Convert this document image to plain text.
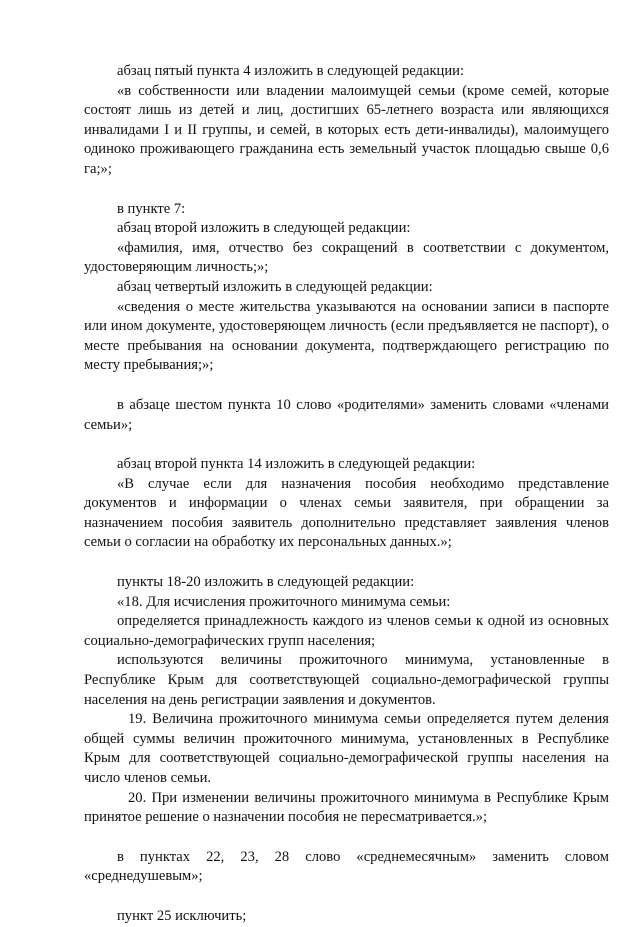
абзац пятый пункта 4 изложить в следующей редакции:

«в собственности или владении малоимущей семьи (кроме семей, которые состоят лишь из детей и лиц, достигших 65-летнего возраста или являющихся инвалидами I и II группы, и семей, в которых есть дети-инвалиды), малоимущего одиноко проживающего гражданина есть земельный участок площадью свыше 0,6 га;»;

в пункте 7:

абзац второй изложить в следующей редакции:

«фамилия, имя, отчество без сокращений в соответствии с документом, удостоверяющим личность;»;

абзац четвертый изложить в следующей редакции:

«сведения о месте жительства указываются на основании записи в паспорте или ином документе, удостоверяющем личность (если предъявляется не паспорт), о месте пребывания на основании документа, подтверждающего регистрацию по месту пребывания;»;

в абзаце шестом пункта 10 слово «родителями» заменить словами «членами семьи»;

абзац второй пункта 14 изложить в следующей редакции:

«В случае если для назначения пособия необходимо представление документов и информации о членах семьи заявителя, при обращении за назначением пособия заявитель дополнительно представляет заявления членов семьи о согласии на обработку их персональных данных.»;

пункты 18-20 изложить в следующей редакции:

«18. Для исчисления прожиточного минимума семьи:

определяется принадлежность каждого из членов семьи к одной из основных социально-демографических групп населения;

используются величины прожиточного минимума, установленные в Республике Крым для соответствующей социально-демографической группы населения на день регистрации заявления и документов.

19. Величина прожиточного минимума семьи определяется путем деления общей суммы величин прожиточного минимума, установленных в Республике Крым для соответствующей социально-демографической группы населения на число членов семьи.

20. При изменении величины прожиточного минимума в Республике Крым принятое решение о назначении пособия не пересматривается.»;

в пунктах 22, 23, 28 слово «среднемесячным» заменить словом «среднедушевым»;

пункт 25 исключить;
